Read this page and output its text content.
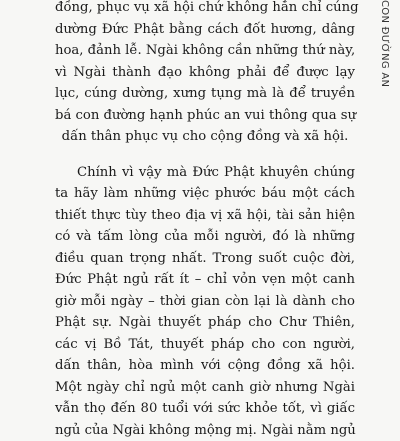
đồng, phục vụ xã hội chứ không hẳn chỉ cúng
dường Đức Phật bằng cách đốt hương, dâng
hoa, đảnh lễ. Ngài không cần những thứ này,
vì Ngài thành đạo không phải để được lạy
lục, cúng dường, xưng tụng mà là để truyền
bá con đường hạnh phúc an vui thông qua sự
dấn thân phục vụ cho cộng đồng và xã hội.
Chính vì vậy mà Đức Phật khuyên chúng
ta hãy làm những việc phước báu một cách
thiết thực tùy theo địa vị xã hội, tài sản hiện
có và tấm lòng của mỗi người, đó là những
điều quan trọng nhất. Trong suốt cuộc đời,
Đức Phật ngủ rất ít – chỉ vỏn vẹn một canh
giờ mỗi ngày – thời gian còn lại là dành cho
Phật sự. Ngài thuyết pháp cho Chư Thiên,
các vị Bồ Tát, thuyết pháp cho con người,
dấn thân, hòa mình với cộng đồng xã hội.
Một ngày chỉ ngủ một canh giờ nhưng Ngài
vẫn thọ đến 80 tuổi với sức khỏe tốt, vì giấc
ngủ của Ngài không mộng mị. Ngài nằm ngủ
CON ĐƯỜNG AN
